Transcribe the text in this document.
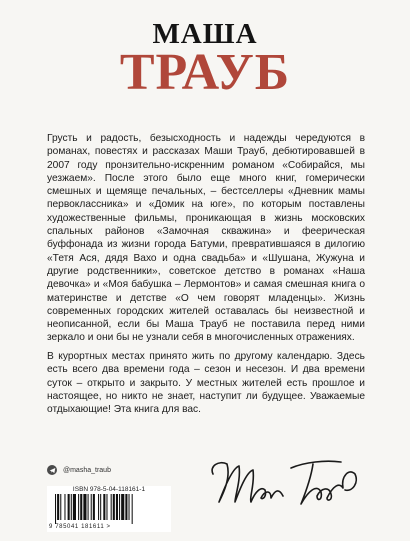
МАША
ТРАУБ

Грусть и радость, безысходность и надежды чередуются в романах, повестях и рассказах Маши Трауб, дебютировавшей в 2007 году пронзительно-искренним романом «Собирайся, мы уезжаем». После этого было еще много книг, гомерически смешных и щемяще печальных, – бестселлеры «Дневник мамы первоклассника» и «Домик на юге», по которым поставлены художественные фильмы, проникающая в жизнь московских спальных районов «Замочная скважина» и феерическая буффонада из жизни города Батуми, превратившаяся в дилогию «Тетя Ася, дядя Вахо и одна свадьба» и «Шушана, Жужуна и другие родственники», советское детство в романах «Наша девочка» и «Моя бабушка – Лермонтов» и самая смешная книга о материнстве и детстве «О чем говорят младенцы». Жизнь современных городских жителей оставалась бы неизвестной и неописанной, если бы Маша Трауб не поставила перед ними зеркало и они бы не узнали себя в многочисленных отражениях.

В курортных местах принято жить по другому календарю. Здесь есть всего два времени года – сезон и несезон. И два времени суток – открыто и закрыто. У местных жителей есть прошлое и настоящее, но никто не знает, наступит ли будущее. Уважаемые отдыхающие! Эта книга для вас.

@masha_traub
ISBN 978-5-04-118161-1
9 785041 181611 >
